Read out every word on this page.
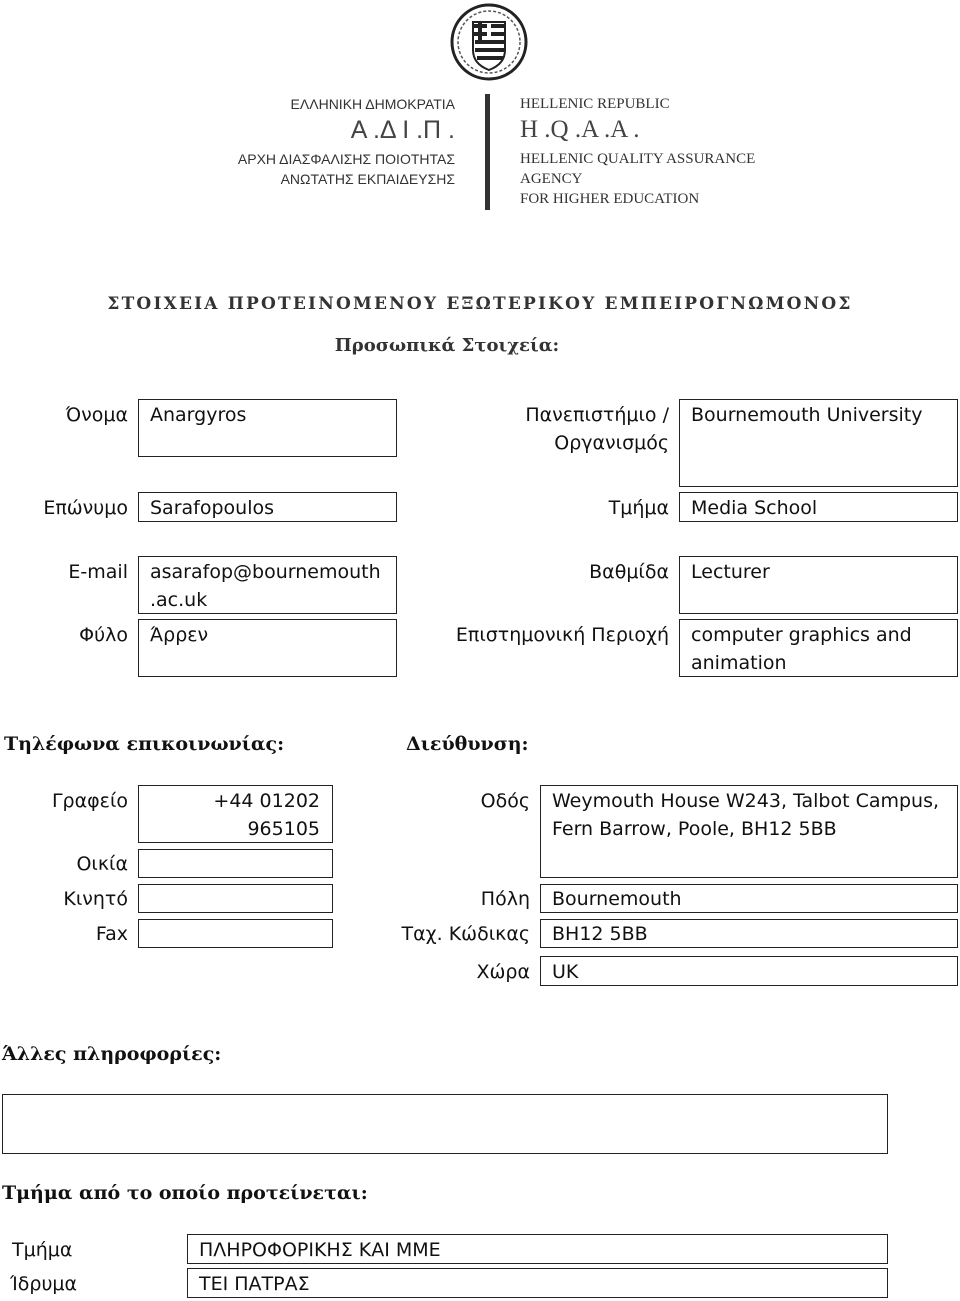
ΕΛΛΗΝΙΚΗ ΔΗΜΟΚΡΑΤΙΑ
Α .Δ Ι .Π .
ΑΡΧΗ ΔΙΑΣΦΑΛΙΣΗΣ ΠΟΙΟΤΗΤΑΣ
ΑΝΩΤΑΤΗΣ ΕΚΠΑΙΔΕΥΣΗΣ
HELLENIC REPUBLIC
H .Q .A .A .
HELLENIC QUALITY ASSURANCE
AGENCY
FOR HIGHER EDUCATION
ΣΤΟΙΧΕΙΑ ΠΡΟΤΕΙΝΟΜΕΝΟΥ ΕΞΩΤΕΡΙΚΟΥ ΕΜΠΕΙΡΟΓΝΩΜΟΝΟΣ
Προσωπικά Στοιχεία:
Όνομα Anargyros	Πανεπιστήμιο /
Οργανισμός
Bournemouth University
Επώνυμο Sarafopoulos	Τμήμα Media School
E-mail asarafop@bournemouth
.ac.uk
Βαθμίδα Lecturer
Φύλο Άρρεν	Επιστημονική Περιοχή computer graphics and
animation
Τηλέφωνα επικοινωνίας:	Διεύθυνση:
Γραφείο	+44 01202
965105
Οικία
Κινητό
Fax
Οδός Weymouth House W243, Talbot Campus,
Fern Barrow, Poole, BH12 5BB
Πόλη Bournemouth
Ταχ. Κώδικας BH12 5BB
Χώρα UK
Άλλες πληροφορίες:
Τμήμα από το οποίο προτείνεται:
Τμήμα	ΠΛΗΡΟΦΟΡΙΚΗΣ ΚΑΙ ΜΜΕ
Ίδρυμα	ΤΕΙ ΠΑΤΡΑΣ
